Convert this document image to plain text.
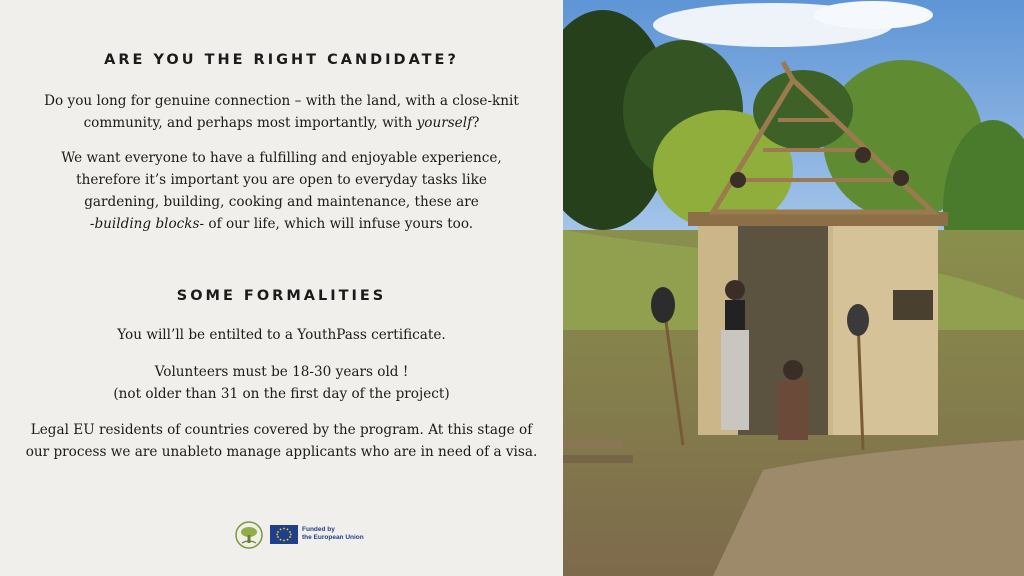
ARE YOU THE RIGHT CANDIDATE?
Do you long for genuine connection – with the land, with a close-knit
community, and perhaps most importantly, with yourself?
We want everyone to have a fulfilling and enjoyable experience,
therefore it’s important you are open to everyday tasks like
gardening, building, cooking and maintenance, these are
-building blocks- of our life, which will infuse yours too.
SOME FORMALITIES
You will’ll be entilted to a YouthPass certificate.
Volunteers must be 18-30 years old !
(not older than 31 on the first day of the project)
Legal EU residents of countries covered by the program. At this stage of
our process we are unableto manage applicants who are in need of a visa.
Funded by
the European Union
